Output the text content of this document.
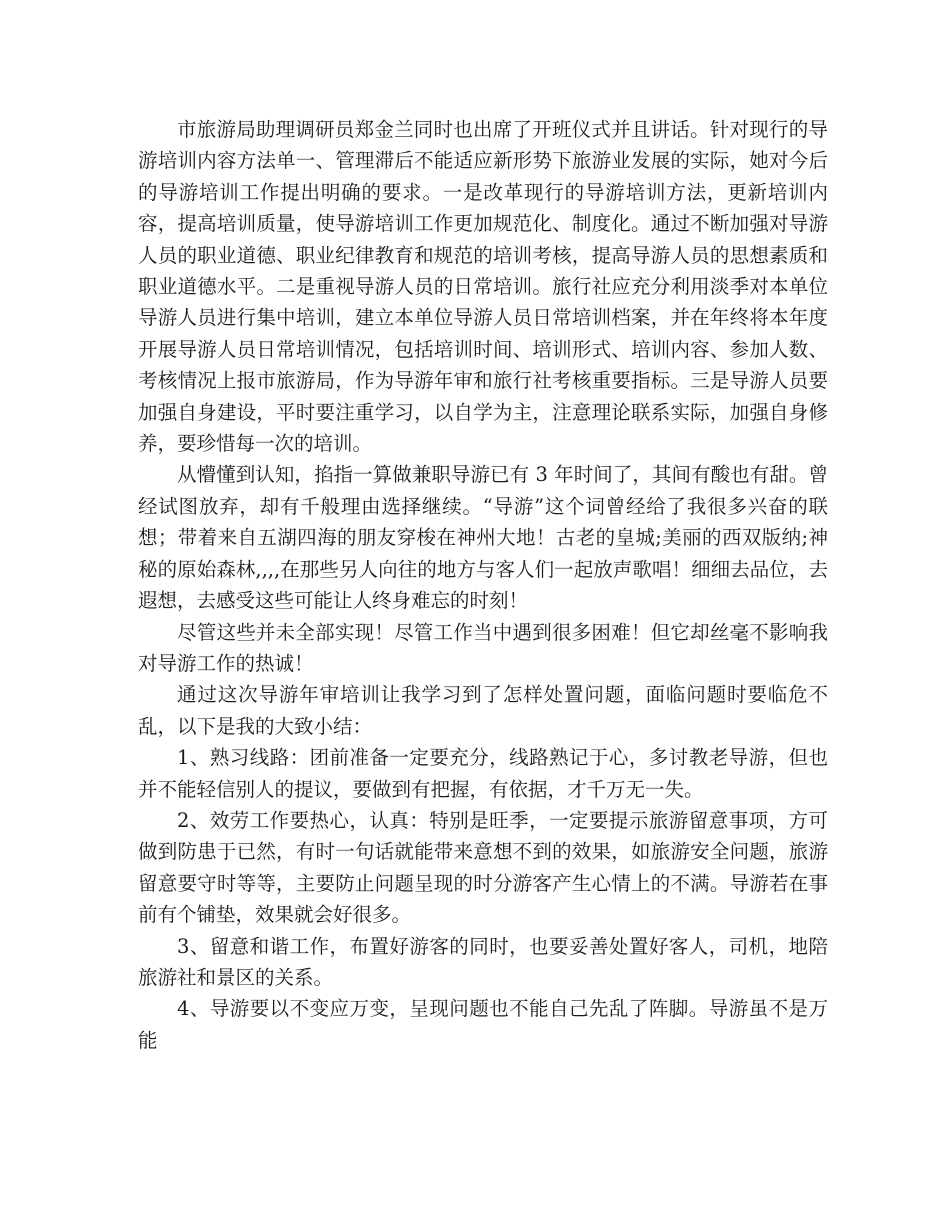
市旅游局助理调研员郑金兰同时也出席了开班仪式并且讲话。针对现行的导游培训内容方法单一、管理滞后不能适应新形势下旅游业发展的实际，她对今后的导游培训工作提出明确的要求。一是改革现行的导游培训方法，更新培训内容，提高培训质量，使导游培训工作更加规范化、制度化。通过不断加强对导游人员的职业道德、职业纪律教育和规范的培训考核，提高导游人员的思想素质和职业道德水平。二是重视导游人员的日常培训。旅行社应充分利用淡季对本单位导游人员进行集中培训，建立本单位导游人员日常培训档案，并在年终将本年度开展导游人员日常培训情况，包括培训时间、培训形式、培训内容、参加人数、考核情况上报市旅游局，作为导游年审和旅行社考核重要指标。三是导游人员要加强自身建设，平时要注重学习，以自学为主，注意理论联系实际，加强自身修养，要珍惜每一次的培训。

从懵懂到认知，掐指一算做兼职导游已有 3 年时间了，其间有酸也有甜。曾经试图放弃，却有千般理由选择继续。“导游”这个词曾经给了我很多兴奋的联想；带着来自五湖四海的朋友穿梭在神州大地！古老的皇城;美丽的西双版纳;神秘的原始森林,,,,在那些另人向往的地方与客人们一起放声歌唱！细细去品位，去遐想，去感受这些可能让人终身难忘的时刻！

尽管这些并未全部实现！尽管工作当中遇到很多困难！但它却丝毫不影响我对导游工作的热诚！

通过这次导游年审培训让我学习到了怎样处置问题，面临问题时要临危不乱，以下是我的大致小结：

1、熟习线路：团前准备一定要充分，线路熟记于心，多讨教老导游，但也并不能轻信别人的提议，要做到有把握，有依据，才千万无一失。

2、效劳工作要热心，认真：特别是旺季，一定要提示旅游留意事项，方可做到防患于已然，有时一句话就能带来意想不到的效果，如旅游安全问题，旅游留意要守时等等，主要防止问题呈现的时分游客产生心情上的不满。导游若在事前有个铺垫，效果就会好很多。

3、留意和谐工作，布置好游客的同时，也要妥善处置好客人，司机，地陪旅游社和景区的关系。

4、导游要以不变应万变，呈现问题也不能自己先乱了阵脚。导游虽不是万能
